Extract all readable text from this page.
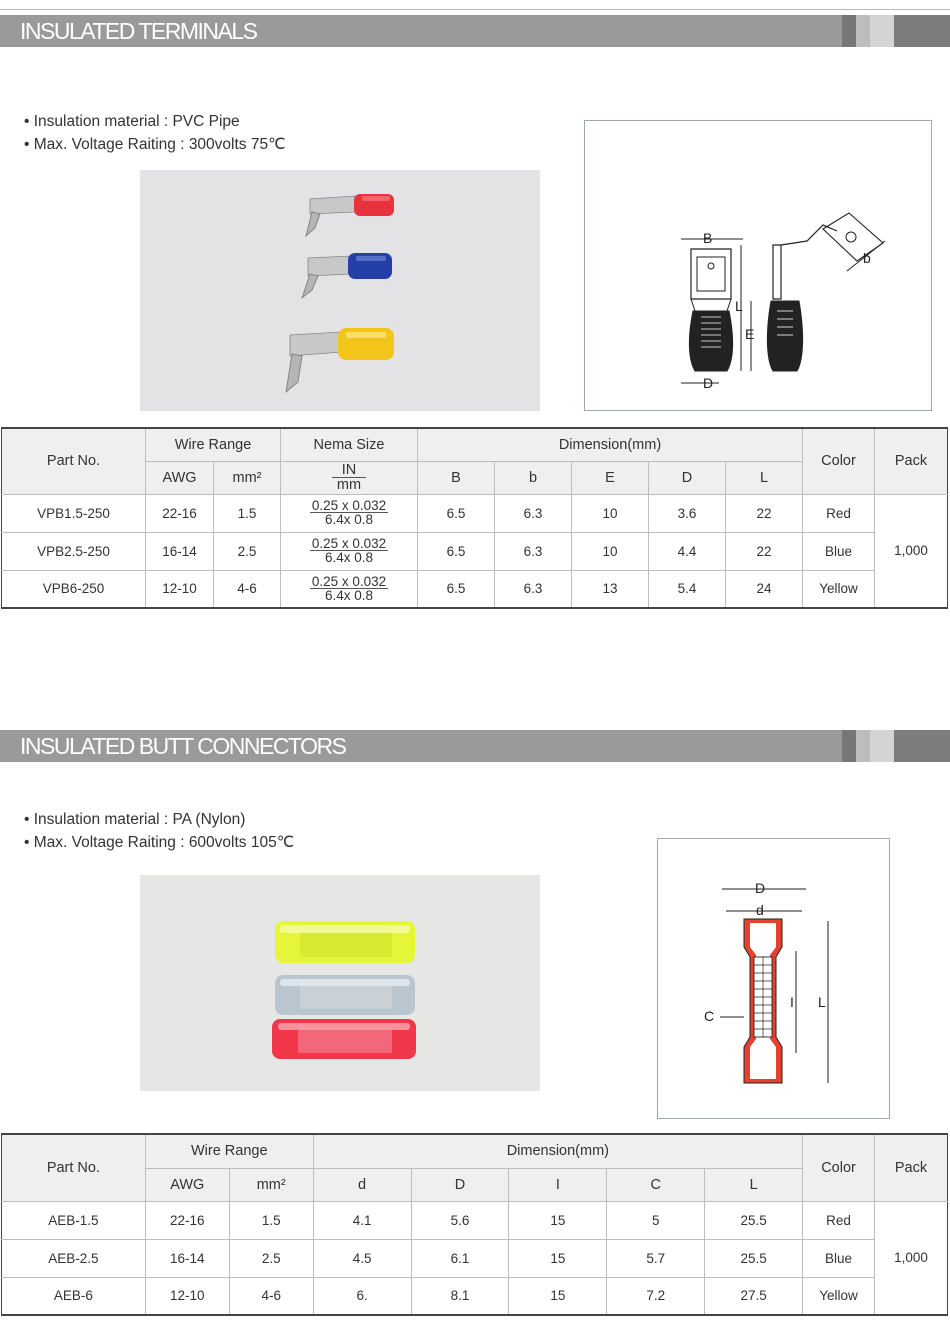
INSULATED TERMINALS
• Insulation material : PVC Pipe
• Max. Voltage Raiting : 300volts 75℃
B
D
L
E
b
Part No.	Wire Range		Nema Size	Dimension(mm)					Color	Pack
	AWG	mm²	$\frac{IN}{mm}$	B	b	E	D	L		
VPB1.5-250	22-16	1.5	$\frac{0.25 x 0.032}{6.4x 0.8}$	6.5	6.3	10	3.6	22	Red	1,000
VPB2.5-250	16-14	2.5	$\frac{0.25 x 0.032}{6.4x 0.8}$	6.5	6.3	10	4.4	22	Blue	
VPB6-250	12-10	4-6	$\frac{0.25 x 0.032}{6.4x 0.8}$	6.5	6.3	13	5.4	24	Yellow	
INSULATED BUTT CONNECTORS
• Insulation material : PA (Nylon)
• Max. Voltage Raiting : 600volts 105℃
D
d
C
I L
Part No.	Wire Range		Dimension(mm)					Color	Pack
	AWG	mm²	d	D	I	C	L		
AEB-1.5	22-16	1.5	4.1	5.6	15	5	25.5	Red	1,000
AEB-2.5	16-14	2.5	4.5	6.1	15	5.7	25.5	Blue	
AEB-6	12-10	4-6	6.	8.1	15	7.2	27.5	Yellow	
